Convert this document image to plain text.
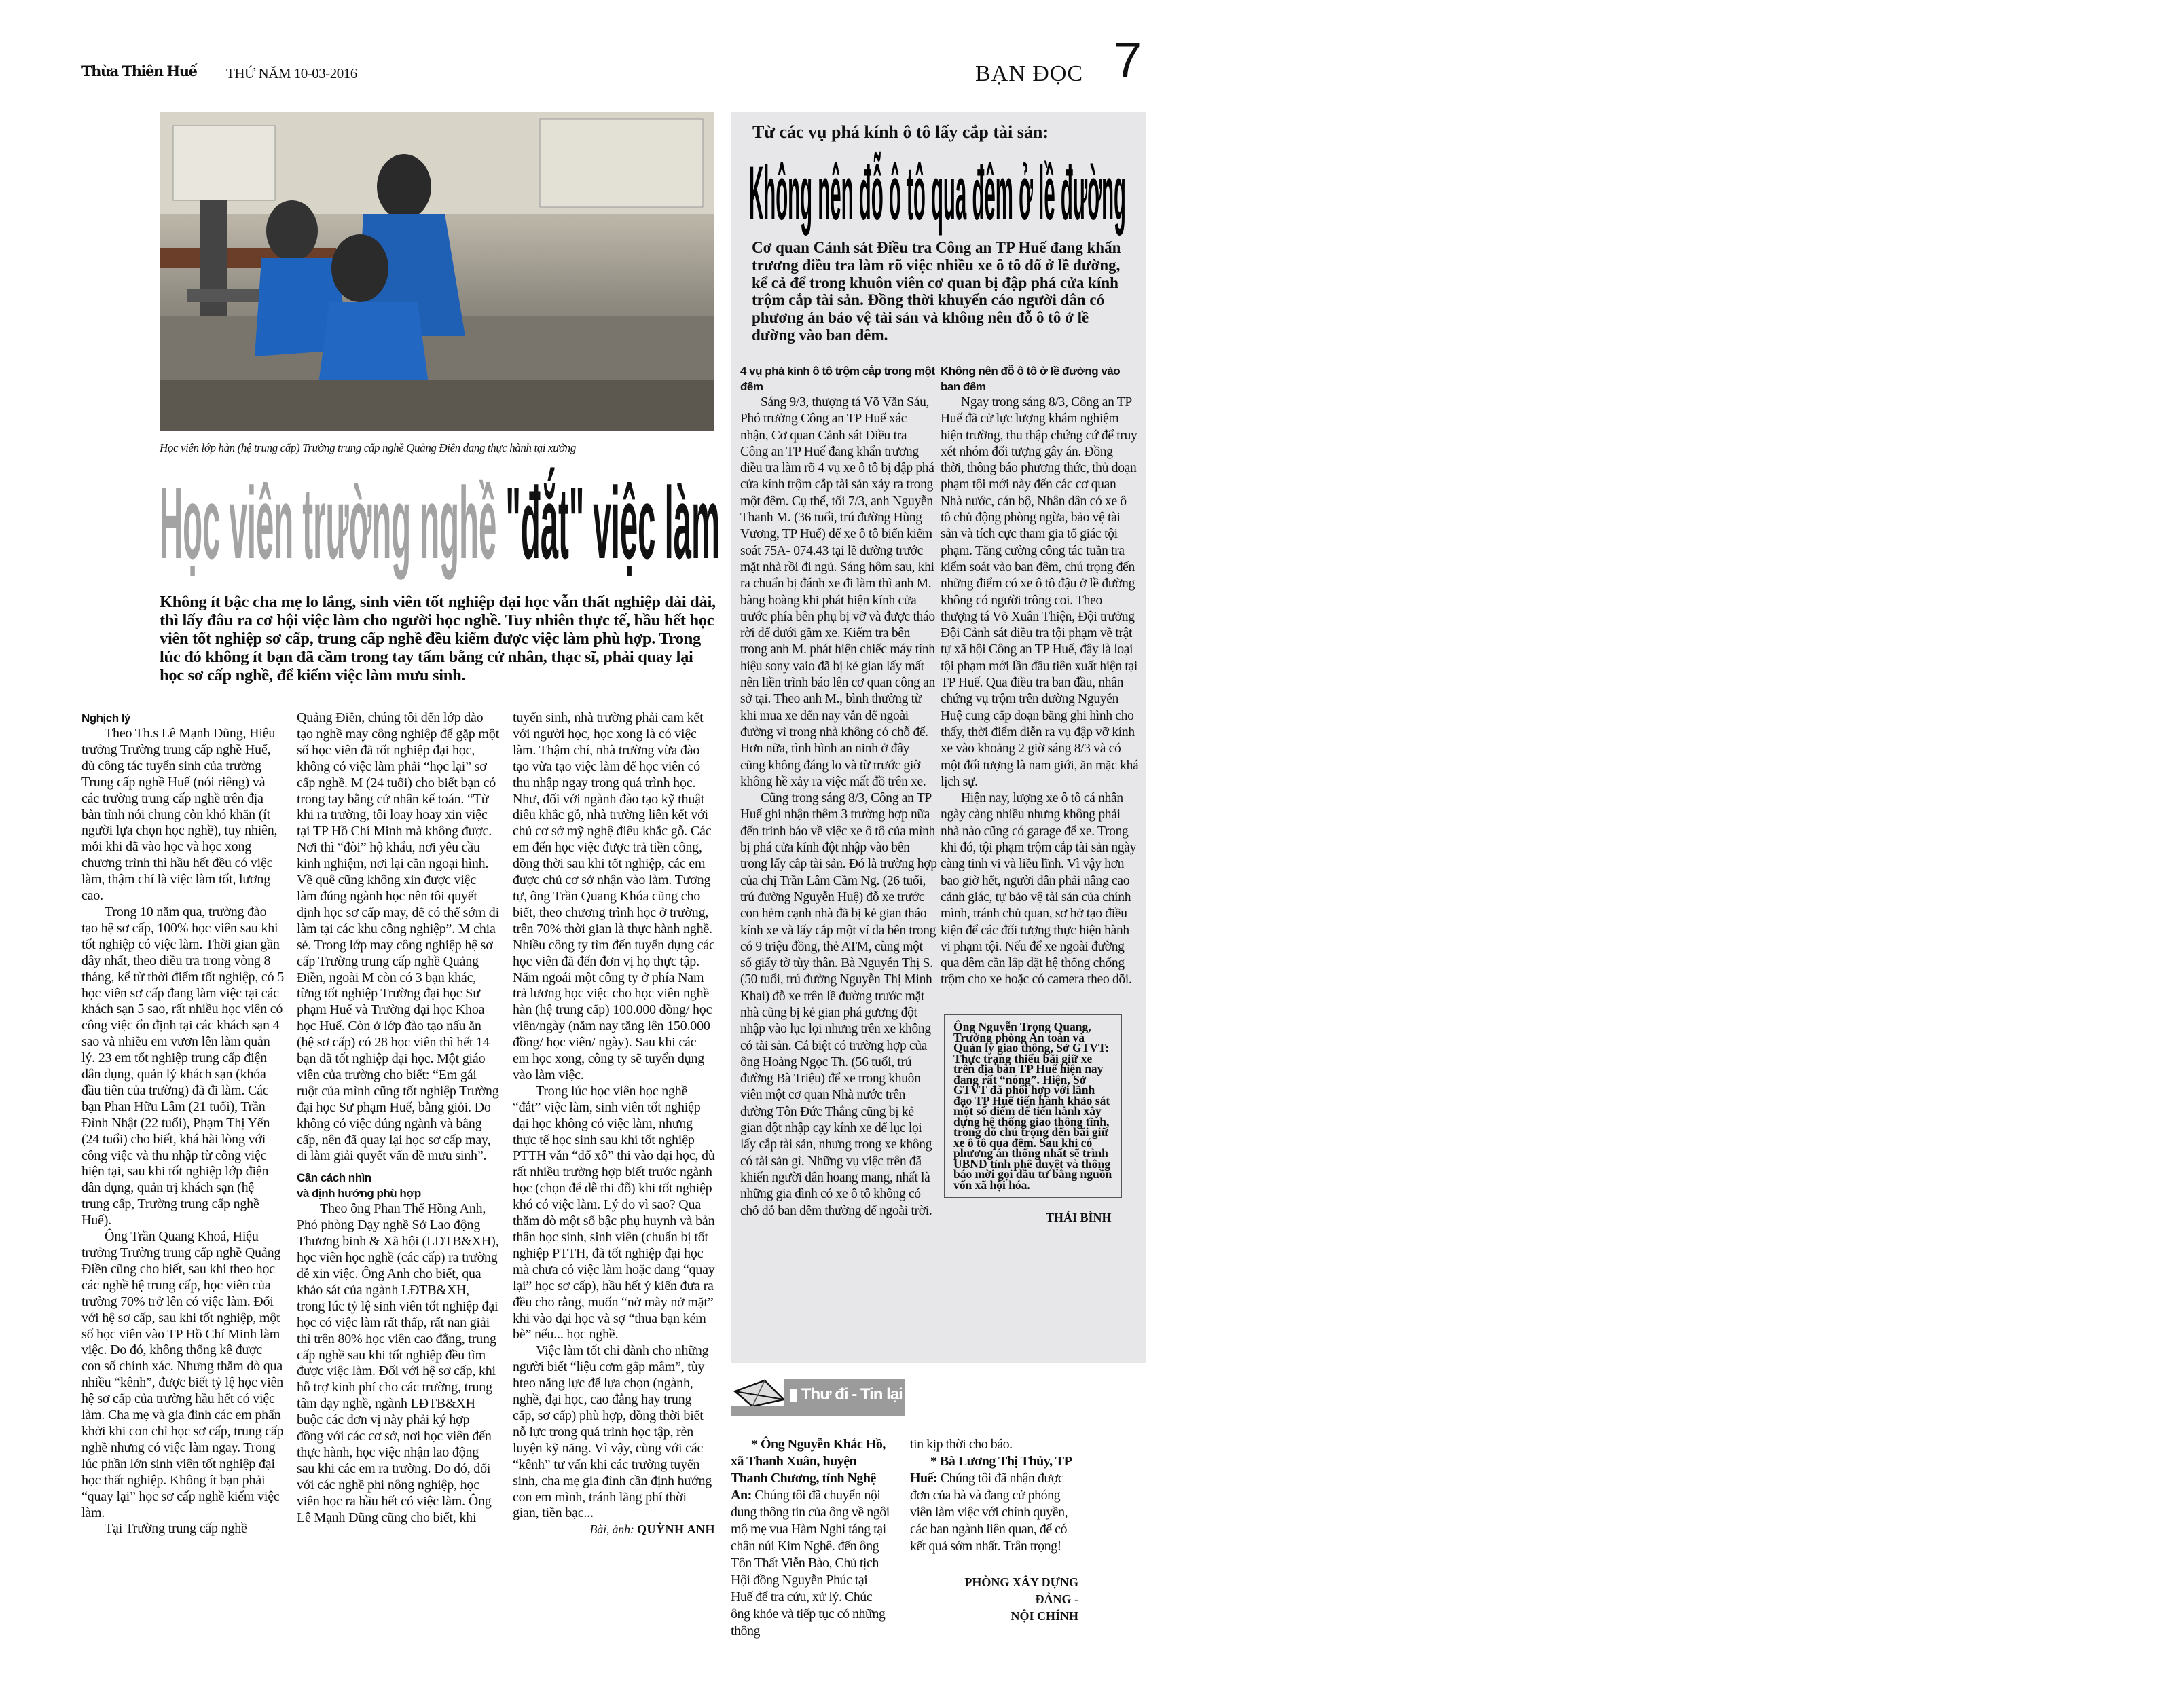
Thừa Thiên Huế THỨ NĂM 10-03-2016	BẠN ĐỌC 7
Học viên lớp hàn (hệ trung cấp) Trường trung cấp nghề Quảng Điền đang thực hành tại xưởng
Học viên trường nghề "đắt" việc làm
Không ít bậc cha mẹ lo lắng, sinh viên tốt nghiệp đại học vẫn thất nghiệp dài dài, thì lấy đâu ra cơ hội việc làm cho người học nghề. Tuy nhiên thực tế, hầu hết học viên tốt nghiệp sơ cấp, trung cấp nghề đều kiếm được việc làm phù hợp. Trong lúc đó không ít bạn đã cầm trong tay tấm bằng cử nhân, thạc sĩ, phải quay lại học sơ cấp nghề, để kiếm việc làm mưu sinh.
Nghịch lý

Theo Th.s Lê Mạnh Dũng, Hiệu trưởng Trường trung cấp nghề Huế, dù công tác tuyển sinh của trường Trung cấp nghề Huế (nói riêng) và các trường trung cấp nghề trên địa bàn tỉnh nói chung còn khó khăn (ít người lựa chọn học nghề), tuy nhiên, mỗi khi đã vào học và học xong chương trình thì hầu hết đều có việc làm, thậm chí là việc làm tốt, lương cao.

Trong 10 năm qua, trường đào tạo hệ sơ cấp, 100% học viên sau khi tốt nghiệp có việc làm. Thời gian gần đây nhất, theo điều tra trong vòng 8 tháng, kể từ thời điểm tốt nghiệp, có 5 học viên sơ cấp đang làm việc tại các khách sạn 5 sao, rất nhiều học viên có công việc ổn định tại các khách sạn 4 sao và nhiều em vươn lên làm quản lý. 23 em tốt nghiệp trung cấp điện dân dụng, quản lý khách sạn (khóa đầu tiên của trường) đã đi làm. Các bạn Phan Hữu Lâm (21 tuổi), Trần Đình Nhật (22 tuổi), Phạm Thị Yến (24 tuổi) cho biết, khá hài lòng với công việc và thu nhập từ công việc hiện tại, sau khi tốt nghiệp lớp điện dân dụng, quản trị khách sạn (hệ trung cấp, Trường trung cấp nghề Huế).

Ông Trần Quang Khoá, Hiệu trưởng Trường trung cấp nghề Quảng Điền cũng cho biết, sau khi theo học các nghề hệ trung cấp, học viên của trường 70% trở lên có việc làm. Đối với hệ sơ cấp, sau khi tốt nghiệp, một số học viên vào TP Hồ Chí Minh làm việc. Do đó, không thống kê được con số chính xác. Nhưng thăm dò qua nhiều “kênh”, được biết tỷ lệ học viên hệ sơ cấp của trường hầu hết có việc làm. Cha mẹ và gia đình các em phấn khởi khi con chỉ học sơ cấp, trung cấp nghề nhưng có việc làm ngay. Trong lúc phần lớn sinh viên tốt nghiệp đại học thất nghiệp. Không ít bạn phải “quay lại” học sơ cấp nghề kiếm việc làm.

Tại Trường trung cấp nghề

Quảng Điền, chúng tôi đến lớp đào tạo nghề may công nghiệp để gặp một số học viên đã tốt nghiệp đại học, không có việc làm phải “học lại” sơ cấp nghề. M (24 tuổi) cho biết bạn có trong tay bằng cử nhân kế toán. “Từ khi ra trường, tôi loay hoay xin việc tại TP Hồ Chí Minh mà không được. Nơi thì “đòi” hộ khẩu, nơi yêu cầu kinh nghiệm, nơi lại cần ngoại hình. Về quê cũng không xin được việc làm đúng ngành học nên tôi quyết định học sơ cấp may, để có thể sớm đi làm tại các khu công nghiệp”. M chia sẻ. Trong lớp may công nghiệp hệ sơ cấp Trường trung cấp nghề Quảng Điền, ngoài M còn có 3 bạn khác, từng tốt nghiệp Trường đại học Sư phạm Huế và Trường đại học Khoa học Huế. Còn ở lớp đào tạo nấu ăn (hệ sơ cấp) có 28 học viên thì hết 14 bạn đã tốt nghiệp đại học. Một giáo viên của trường cho biết: “Em gái ruột của mình cũng tốt nghiệp Trường đại học Sư phạm Huế, bằng giỏi. Do không có việc đúng ngành và bằng cấp, nên đã quay lại học sơ cấp may, đi làm giải quyết vấn đề mưu sinh”.

Cần cách nhìn
và định hướng phù hợp

Theo ông Phan Thế Hồng Anh, Phó phòng Dạy nghề Sở Lao động Thương binh & Xã hội (LĐTB&XH), học viên học nghề (các cấp) ra trường dễ xin việc. Ông Anh cho biết, qua khảo sát của ngành LĐTB&XH, trong lúc tỷ lệ sinh viên tốt nghiệp đại học có việc làm rất thấp, rất nan giải thì trên 80% học viên cao đẳng, trung cấp nghề sau khi tốt nghiệp đều tìm được việc làm. Đối với hệ sơ cấp, khi hỗ trợ kinh phí cho các trường, trung tâm dạy nghề, ngành LĐTB&XH buộc các đơn vị này phải ký hợp đồng với các cơ sở, nơi học viên đến thực hành, học việc nhận lao động sau khi các em ra trường. Do đó, đối với các nghề phi nông nghiệp, học viên học ra hầu hết có việc làm. Ông Lê Mạnh Dũng cũng cho biết, khi

tuyển sinh, nhà trường phải cam kết với người học, học xong là có việc làm. Thậm chí, nhà trường vừa đào tạo vừa tạo việc làm để học viên có thu nhập ngay trong quá trình học. Như, đối với ngành đào tạo kỹ thuật điêu khắc gỗ, nhà trường liên kết với chủ cơ sở mỹ nghệ điêu khắc gỗ. Các em đến học việc được trả tiền công, đồng thời sau khi tốt nghiệp, các em được chủ cơ sở nhận vào làm. Tương tự, ông Trần Quang Khóa cũng cho biết, theo chương trình học ở trường, trên 70% thời gian là thực hành nghề. Nhiều công ty tìm đến tuyển dụng các học viên đã đến đơn vị họ thực tập. Năm ngoái một công ty ở phía Nam trả lương học việc cho học viên nghề hàn (hệ trung cấp) 100.000 đồng/ học viên/ngày (năm nay tăng lên 150.000 đồng/ học viên/ ngày). Sau khi các em học xong, công ty sẽ tuyển dụng vào làm việc.

Trong lúc học viên học nghề “đắt” việc làm, sinh viên tốt nghiệp đại học không có việc làm, nhưng thực tế học sinh sau khi tốt nghiệp PTTH vẫn “đổ xô” thi vào đại học, dù rất nhiều trường hợp biết trước ngành học (chọn để dễ thi đỗ) khi tốt nghiệp khó có việc làm. Lý do vì sao? Qua thăm dò một số bậc phụ huynh và bản thân học sinh, sinh viên (chuẩn bị tốt nghiệp PTTH, đã tốt nghiệp đại học mà chưa có việc làm hoặc đang “quay lại” học sơ cấp), hầu hết ý kiến đưa ra đều cho rằng, muốn “nở mày nở mặt” khi vào đại học và sợ “thua bạn kém bè” nếu... học nghề.

Việc làm tốt chỉ dành cho những người biết “liệu cơm gắp mắm”, tùy hteo năng lực để lựa chọn (ngành, nghề, đại học, cao đẳng hay trung cấp, sơ cấp) phù hợp, đồng thời biết nỗ lực trong quá trình học tập, rèn luyện kỹ năng. Vì vậy, cùng với các “kênh” tư vấn khi các trường tuyển sinh, cha mẹ gia đình cần định hướng con em mình, tránh lãng phí thời gian, tiền bạc...

Bài, ảnh: QUỲNH ANH
Từ các vụ phá kính ô tô lấy cắp tài sản:
Không nên đỗ ô tô qua đêm ở lề đường
Cơ quan Cảnh sát Điều tra Công an TP Huế đang khẩn trương điều tra làm rõ việc nhiều xe ô tô đổ ở lề đường, kể cả để trong khuôn viên cơ quan bị đập phá cửa kính trộm cắp tài sản. Đồng thời khuyến cáo người dân có phương án bảo vệ tài sản và không nên đỗ ô tô ở lề đường vào ban đêm.
4 vụ phá kính ô tô trộm cắp trong một đêm

Sáng 9/3, thượng tá Võ Văn Sáu, Phó trưởng Công an TP Huế xác nhận, Cơ quan Cảnh sát Điều tra Công an TP Huế đang khẩn trương điều tra làm rõ 4 vụ xe ô tô bị đập phá cửa kính trộm cắp tài sản xảy ra trong một đêm. Cụ thể, tối 7/3, anh Nguyễn Thanh M. (36 tuổi, trú đường Hùng Vương, TP Huế) để xe ô tô biển kiểm soát 75A- 074.43 tại lề đường trước mặt nhà rồi đi ngủ. Sáng hôm sau, khi ra chuẩn bị đánh xe đi làm thì anh M. bàng hoàng khi phát hiện kính cửa trước phía bên phụ bị vỡ và được tháo rời để dưới gầm xe. Kiểm tra bên trong anh M. phát hiện chiếc máy tính hiệu sony vaio đã bị kẻ gian lấy mất nên liền trình báo lên cơ quan công an sở tại. Theo anh M., bình thường từ khi mua xe đến nay vẫn để ngoài đường vì trong nhà không có chỗ để. Hơn nữa, tình hình an ninh ở đây cũng không đáng lo và từ trước giờ không hề xảy ra việc mất đồ trên xe.

Cũng trong sáng 8/3, Công an TP Huế ghi nhận thêm 3 trường hợp nữa đến trình báo về việc xe ô tô của mình bị phá cửa kính đột nhập vào bên trong lấy cắp tài sản. Đó là trường hợp của chị Trần Lâm Cầm Ng. (26 tuổi, trú đường Nguyễn Huệ) đỗ xe trước con hẻm cạnh nhà đã bị kẻ gian tháo kính xe và lấy cắp một ví da bên trong có 9 triệu đồng, thẻ ATM, cùng một số giấy tờ tùy thân. Bà Nguyễn Thị S. (50 tuổi, trú đường Nguyễn Thị Minh Khai) đỗ xe trên lề đường trước mặt nhà cũng bị kẻ gian phá gương đột nhập vào lục lọi nhưng trên xe không có tài sản. Cá biệt có trường hợp của ông Hoàng Ngọc Th. (56 tuổi, trú đường Bà Triệu) để xe trong khuôn viên một cơ quan Nhà nước trên đường Tôn Đức Thắng cũng bị kẻ gian đột nhập cạy kính xe để lục lọi lấy cắp tài sản, nhưng trong xe không có tài sản gì. Những vụ việc trên đã khiến người dân hoang mang, nhất là những gia đình có xe ô tô không có chỗ đỗ ban đêm thường để ngoài trời.

Không nên đỗ ô tô ở lề đường vào ban đêm

Ngay trong sáng 8/3, Công an TP Huế đã cử lực lượng khám nghiệm hiện trường, thu thập chứng cứ để truy xét nhóm đối tượng gây án. Đồng thời, thông báo phương thức, thủ đoạn phạm tội mới này đến các cơ quan Nhà nước, cán bộ, Nhân dân có xe ô tô chủ động phòng ngừa, bảo vệ tài sản và tích cực tham gia tố giác tội phạm. Tăng cường công tác tuần tra kiểm soát vào ban đêm, chú trọng đến những điểm có xe ô tô đậu ở lề đường không có người trông coi. Theo thượng tá Võ Xuân Thiện, Đội trưởng Đội Cảnh sát điều tra tội phạm về trật tự xã hội Công an TP Huế, đây là loại tội phạm mới lần đầu tiên xuất hiện tại TP Huế. Qua điều tra ban đầu, nhân chứng vụ trộm trên đường Nguyễn Huệ cung cấp đoạn băng ghi hình cho thấy, thời điểm diễn ra vụ đập vỡ kính xe vào khoảng 2 giờ sáng 8/3 và có một đối tượng là nam giới, ăn mặc khá lịch sự.

Hiện nay, lượng xe ô tô cá nhân ngày càng nhiều nhưng không phải nhà nào cũng có garage để xe. Trong khi đó, tội phạm trộm cắp tài sản ngày càng tinh vi và liều lĩnh. Vì vậy hơn bao giờ hết, người dân phải nâng cao cảnh giác, tự bảo vệ tài sản của chính mình, tránh chủ quan, sơ hở tạo điều kiện để các đối tượng thực hiện hành vi phạm tội. Nếu để xe ngoài đường qua đêm cần lắp đặt hệ thống chống trộm cho xe hoặc có camera theo dõi.

Ông Nguyễn Trọng Quang, Trưởng phòng An toàn và Quản lý giao thông, Sở GTVT: Thực trạng thiếu bãi giữ xe trên địa bàn TP Huế hiện nay đang rất “nóng”. Hiện, Sở GTVT đã phối hợp với lãnh đạo TP Huế tiến hành khảo sát một số điểm để tiến hành xây dựng hệ thống giao thông tĩnh, trong đó chú trọng đến bãi giữ xe ô tô qua đêm. Sau khi có phương án thống nhất sẽ trình UBND tỉnh phê duyệt và thông báo mời gọi đầu tư bằng nguồn vốn xã hội hóa.
THÁI BÌNH
▮ Thư đi - Tin lại

* Ông Nguyễn Khắc Hồ, xã Thanh Xuân, huyện Thanh Chương, tỉnh Nghệ An: Chúng tôi đã chuyển nội dung thông tin của ông về ngôi mộ mẹ vua Hàm Nghi táng tại chân núi Kim Nghê. đến ông Tôn Thất Viễn Bào, Chủ tịch Hội đồng Nguyễn Phúc tại Huế để tra cứu, xử lý. Chúc ông khỏe và tiếp tục có những thông

tin kịp thời cho báo.

* Bà Lương Thị Thủy, TP Huế: Chúng tôi đã nhận được đơn của bà và đang cử phóng viên làm việc với chính quyền, các ban ngành liên quan, để có kết quả sớm nhất. Trân trọng!

PHÒNG XÂY DỰNG ĐẢNG -
NỘI CHÍNH
